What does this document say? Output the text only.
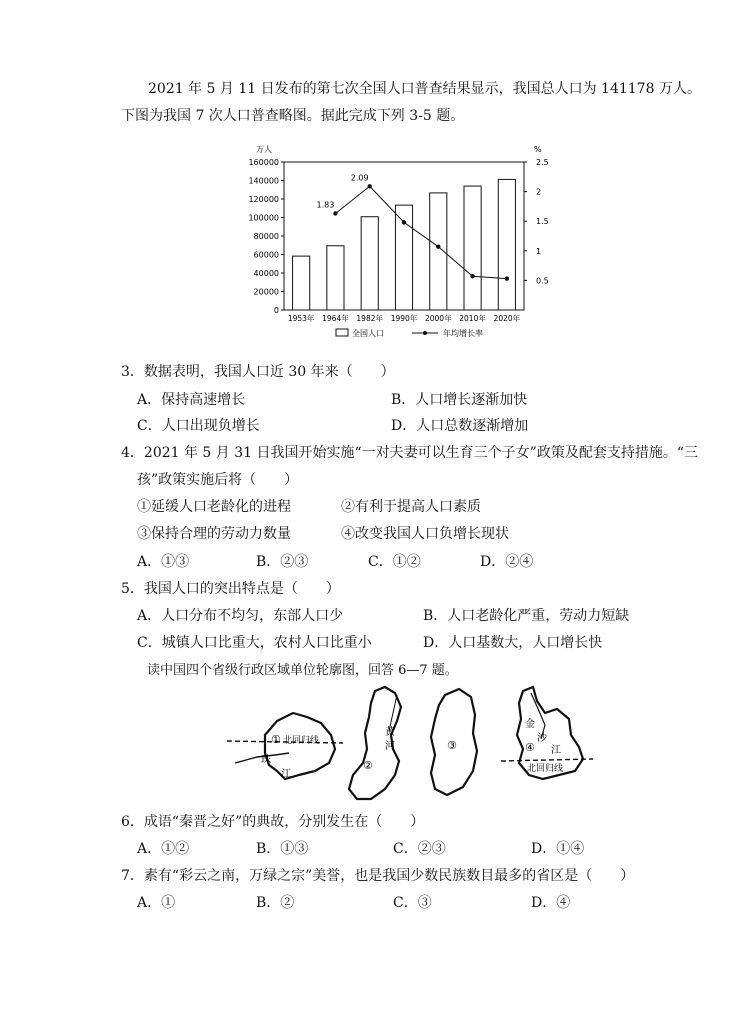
2021 年 5 月 11 日发布的第七次全国人口普查结果显示，我国总人口为 141178 万人。
下图为我国 7 次人口普查略图。据此完成下列 3-5 题。
0
20000
40000
60000
80000
100000
120000
140000
160000
万人
0.5
1
1.5
2
2.5
%
1953年 1964年 1982年 1990年 2000年 2010年 2020年
1.83
2.09
全国人口	年均增长率
3．数据表明，我国人口近 30 年来（　　）
A．保持高速增长	B．人口增长逐渐加快
C．人口出现负增长	D．人口总数逐渐增加
4．2021 年 5 月 31 日我国开始实施“一对夫妻可以生育三个子女”政策及配套支持措施。“三
孩”政策实施后将（　　）
①延缓人口老龄化的进程	②有利于提高人口素质
③保持合理的劳动力数量	④改变我国人口负增长现状
A．①③	B．②③	C．①②	D．②④
5．我国人口的突出特点是（　　）
A．人口分布不均匀，东部人口少	B．人口老龄化严重，劳动力短缺
C．城镇人口比重大，农村人口比重小	D．人口基数大，人口增长快
读中国四个省级行政区域单位轮廓图，回答 6—7 题。
① 北回归线
珠
江
②
黄
河	③	④
金
沙
江
北回归线
6．成语“秦晋之好”的典故，分别发生在（　　）
A．①②	B．①③	C．②③	D．①④
7．素有“彩云之南，万绿之宗”美誉，也是我国少数民族数目最多的省区是（　　）
A．①	B．②	C．③	D．④
